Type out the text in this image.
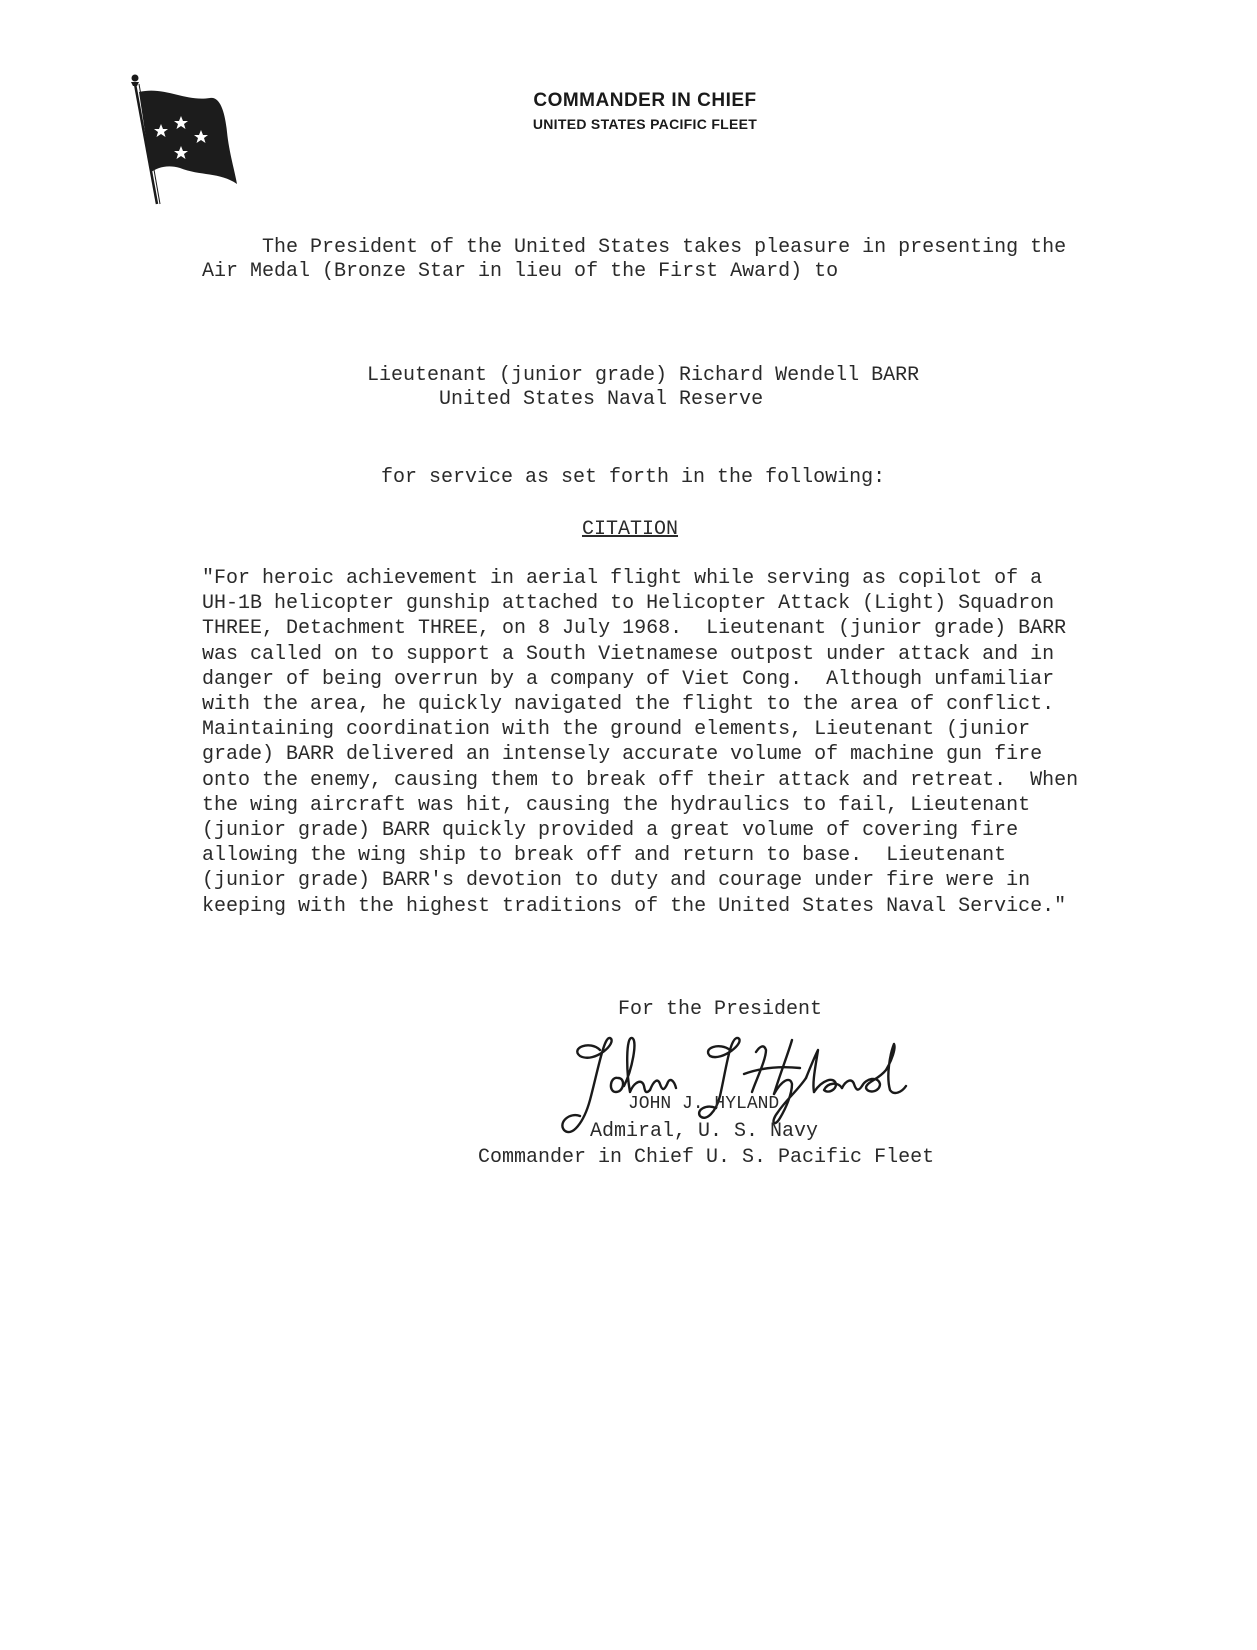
COMMANDER IN CHIEF
UNITED STATES PACIFIC FLEET
The President of the United States takes pleasure in presenting the
Air Medal (Bronze Star in lieu of the First Award) to
Lieutenant (junior grade) Richard Wendell BARR
United States Naval Reserve
for service as set forth in the following:
CITATION
"For heroic achievement in aerial flight while serving as copilot of a
UH-1B helicopter gunship attached to Helicopter Attack (Light) Squadron
THREE, Detachment THREE, on 8 July 1968.  Lieutenant (junior grade) BARR
was called on to support a South Vietnamese outpost under attack and in
danger of being overrun by a company of Viet Cong.  Although unfamiliar
with the area, he quickly navigated the flight to the area of conflict.
Maintaining coordination with the ground elements, Lieutenant (junior
grade) BARR delivered an intensely accurate volume of machine gun fire
onto the enemy, causing them to break off their attack and retreat.  When
the wing aircraft was hit, causing the hydraulics to fail, Lieutenant
(junior grade) BARR quickly provided a great volume of covering fire
allowing the wing ship to break off and return to base.  Lieutenant
(junior grade) BARR's devotion to duty and courage under fire were in
keeping with the highest traditions of the United States Naval Service."
For the President
JOHN J. HYLAND
Admiral, U. S. Navy
Commander in Chief U. S. Pacific Fleet
